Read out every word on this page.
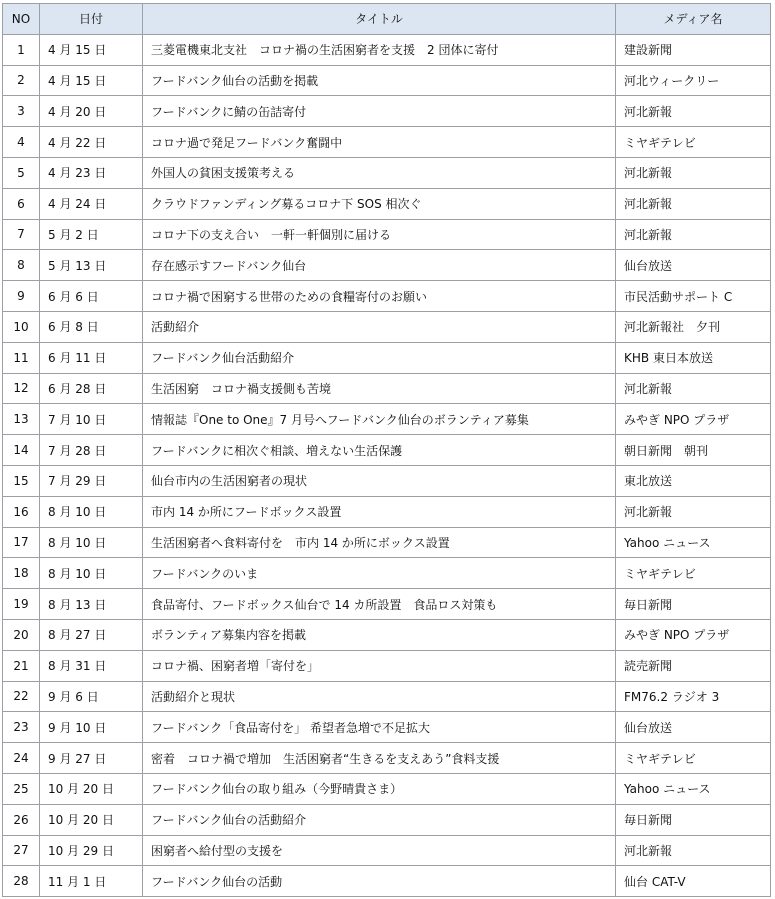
NO	日付	タイトル	メディア名
1	4 月 15 日	三菱電機東北支社　コロナ禍の生活困窮者を支援　2 団体に寄付	建設新聞
2	4 月 15 日	フードバンク仙台の活動を掲載	河北ウィークリー
3	4 月 20 日	フードバンクに鯖の缶詰寄付	河北新報
4	4 月 22 日	コロナ過で発足フードバンク奮闘中	ミヤギテレビ
5	4 月 23 日	外国人の貧困支援策考える	河北新報
6	4 月 24 日	クラウドファンディング募るコロナ下 SOS 相次ぐ	河北新報
7	5 月 2 日	コロナ下の支え合い　一軒一軒個別に届ける	河北新報
8	5 月 13 日	存在感示すフードバンク仙台	仙台放送
9	6 月 6 日	コロナ禍で困窮する世帯のための食糧寄付のお願い	市民活動サポート C
10	6 月 8 日	活動紹介	河北新報社　夕刊
11	6 月 11 日	フードバンク仙台活動紹介	KHB 東日本放送
12	6 月 28 日	生活困窮　コロナ禍支援側も苦境	河北新報
13	7 月 10 日	情報誌『One to One』7 月号へフードバンク仙台のボランティア募集	みやぎ NPO プラザ
14	7 月 28 日	フードバンクに相次ぐ相談、増えない生活保護	朝日新聞　朝刊
15	7 月 29 日	仙台市内の生活困窮者の現状	東北放送
16	8 月 10 日	市内 14 か所にフードボックス設置	河北新報
17	8 月 10 日	生活困窮者へ食料寄付を　市内 14 か所にボックス設置	Yahoo ニュース
18	8 月 10 日	フードバンクのいま	ミヤギテレビ
19	8 月 13 日	食品寄付、フードボックス仙台で 14 カ所設置　食品ロス対策も	毎日新聞
20	8 月 27 日	ボランティア募集内容を掲載	みやぎ NPO プラザ
21	8 月 31 日	コロナ禍、困窮者増「寄付を」	読売新聞
22	9 月 6 日	活動紹介と現状	FM76.2 ラジオ 3
23	9 月 10 日	フードバンク「食品寄付を」 希望者急増で不足拡大	仙台放送
24	9 月 27 日	密着　コロナ禍で増加　生活困窮者“生きるを支えあう”食料支援	ミヤギテレビ
25	10 月 20 日	フードバンク仙台の取り組み（今野晴貴さま）	Yahoo ニュース
26	10 月 20 日	フードバンク仙台の活動紹介	毎日新聞
27	10 月 29 日	困窮者へ給付型の支援を	河北新報
28	11 月 1 日	フードバンク仙台の活動	仙台 CAT-V
